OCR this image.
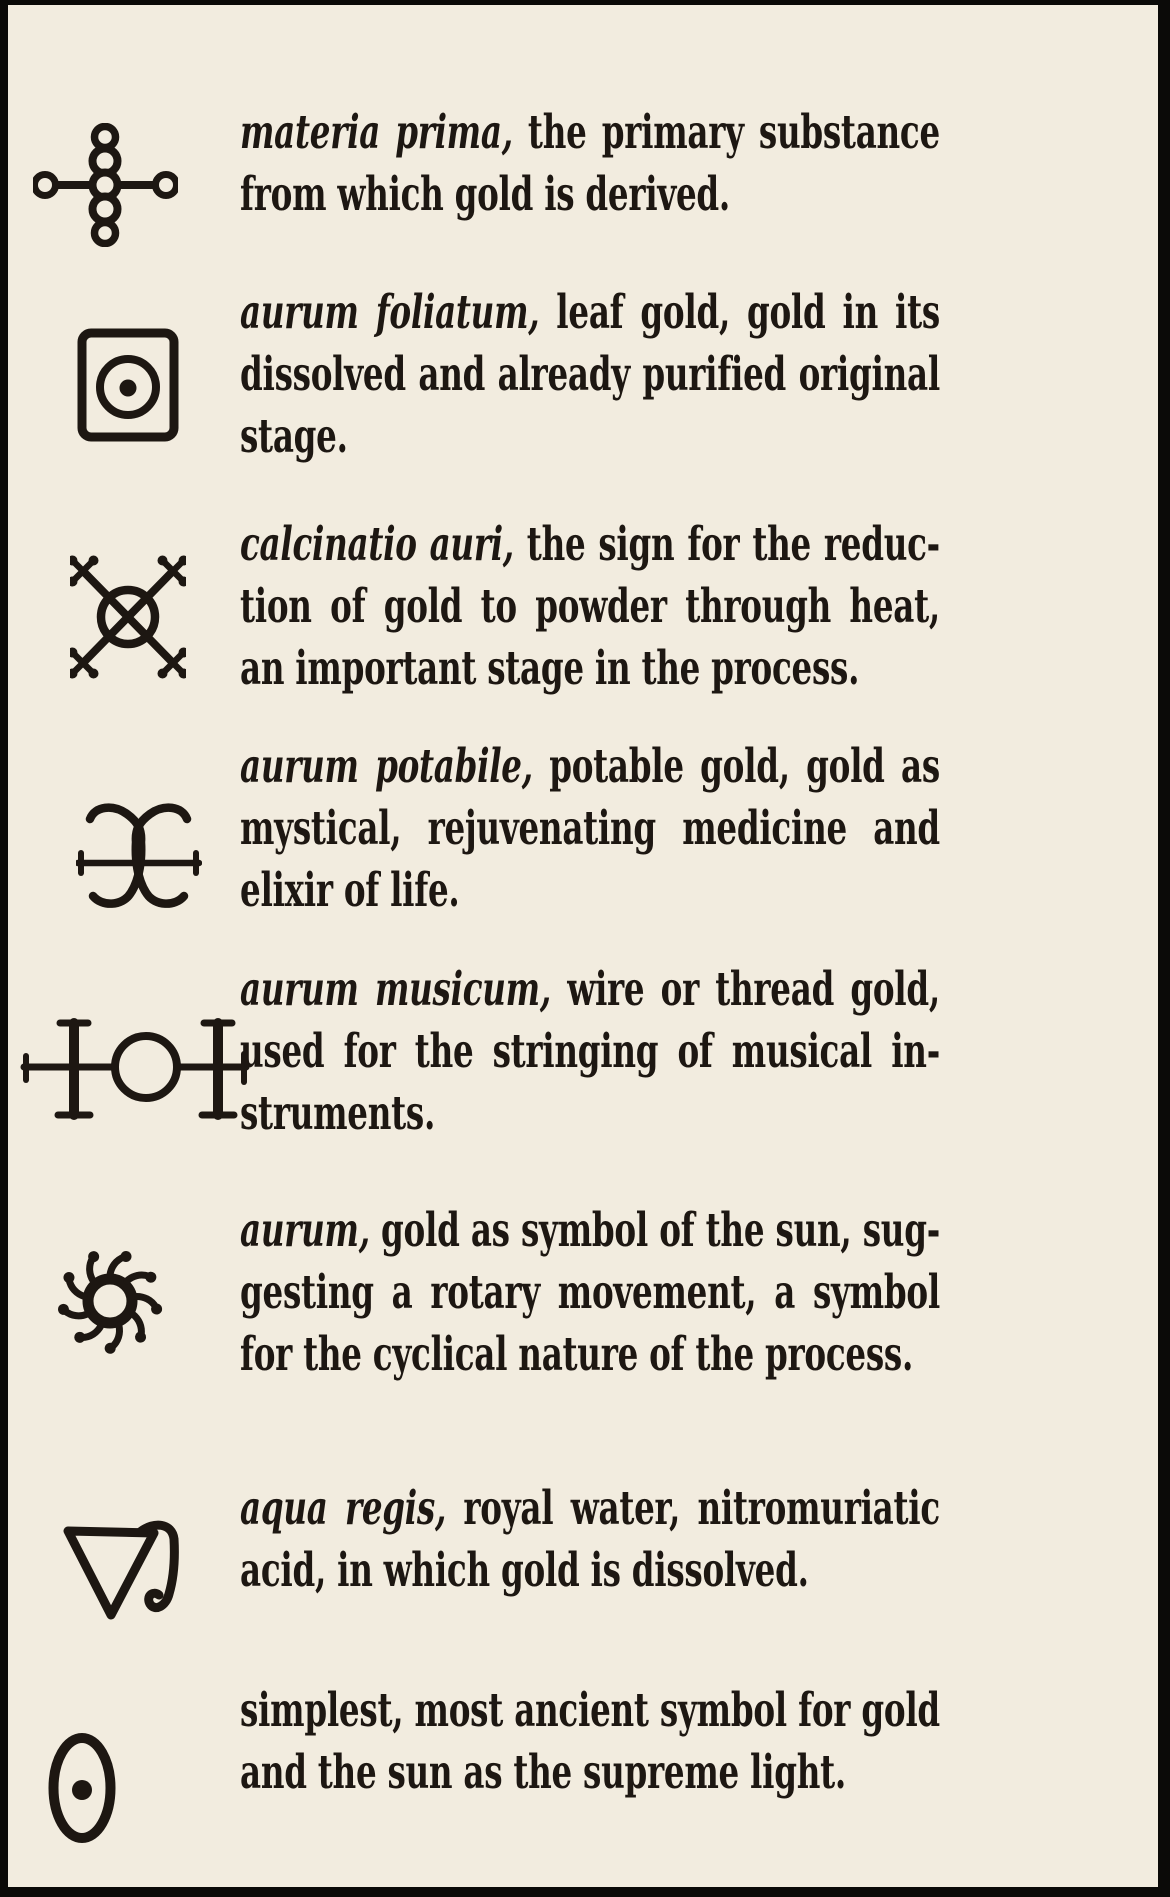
materia prima, the primary substance
from which gold is derived.
aurum foliatum, leaf gold, gold in its
dissolved and already purified original
stage.
calcinatio auri, the sign for the reduc-
tion of gold to powder through heat,
an important stage in the process.
aurum potabile, potable gold, gold as
mystical, rejuvenating medicine and
elixir of life.
aurum musicum, wire or thread gold,
used for the stringing of musical in-
struments.
aurum, gold as symbol of the sun, sug-
gesting a rotary movement, a symbol
for the cyclical nature of the process.
aqua regis, royal water, nitromuriatic
acid, in which gold is dissolved.
simplest, most ancient symbol for gold
and the sun as the supreme light.
